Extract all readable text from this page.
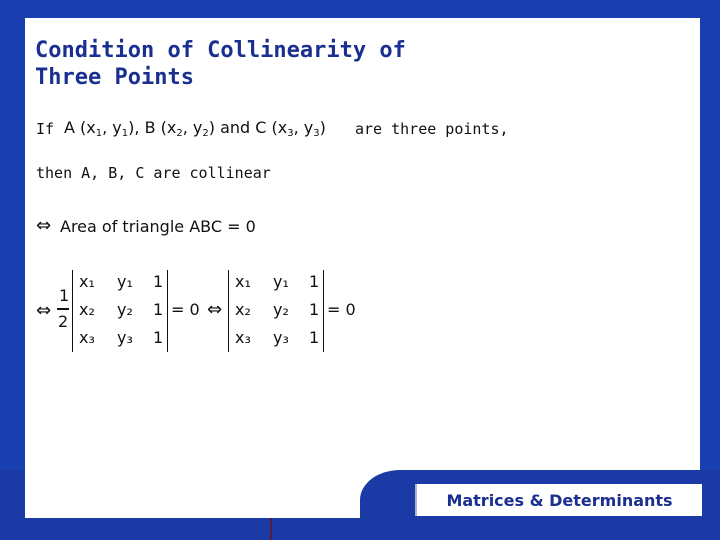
Matrices & Determinants
Condition of Collinearity of
Three Points
If A ($x_1$, $y_1$), B ($x_2$, $y_2$) and C ($x_3$, $y_3$) are three points,
then A, B, C are collinear
⇔ Area of triangle ABC = 0
⇔
1
2
x₁ y₁ 1
x₂ y₂ 1
x₃ y₃ 1
= 0 ⇔
x₁ y₁ 1
x₂ y₂ 1
x₃ y₃ 1
= 0
